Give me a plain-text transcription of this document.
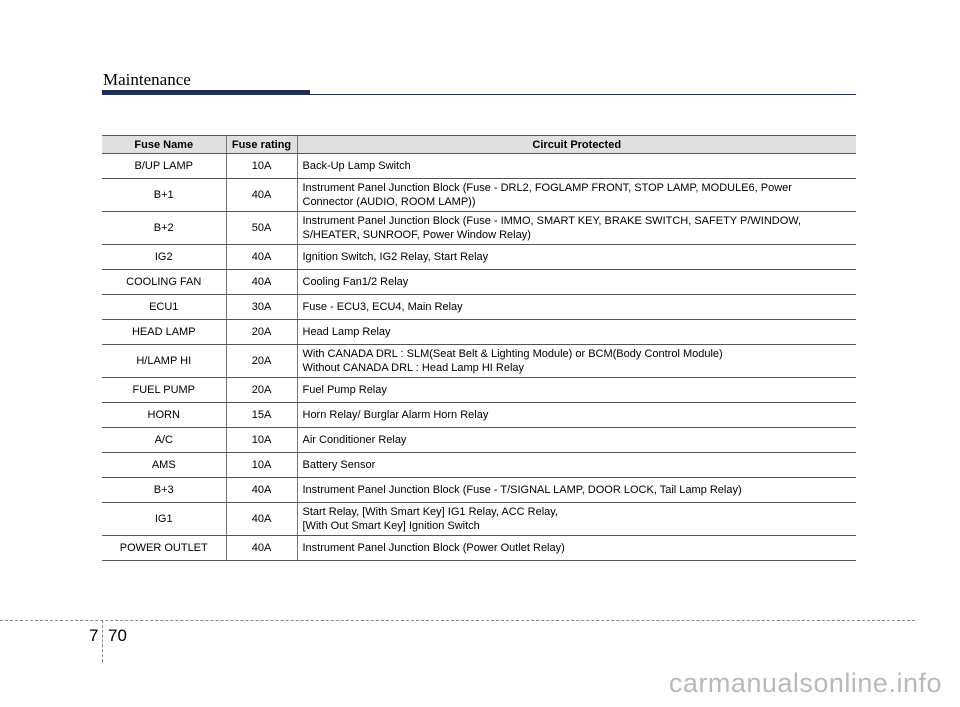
Maintenance
Fuse Name	Fuse rating	Circuit Protected
B/UP LAMP	10A	Back-Up Lamp Switch
B+1	40A	Instrument Panel Junction Block (Fuse - DRL2, FOGLAMP FRONT, STOP LAMP, MODULE6, Power
Connector (AUDIO, ROOM LAMP))
B+2	50A	Instrument Panel Junction Block (Fuse - IMMO, SMART KEY, BRAKE SWITCH, SAFETY P/WINDOW,
S/HEATER, SUNROOF, Power Window Relay)
IG2	40A	Ignition Switch, IG2 Relay, Start Relay
COOLING FAN	40A	Cooling Fan1/2 Relay
ECU1	30A	Fuse - ECU3, ECU4, Main Relay
HEAD LAMP	20A	Head Lamp Relay
H/LAMP HI	20A	With CANADA DRL : SLM(Seat Belt & Lighting Module) or BCM(Body Control Module)
Without CANADA DRL : Head Lamp HI Relay
FUEL PUMP	20A	Fuel Pump Relay
HORN	15A	Horn Relay/ Burglar Alarm Horn Relay
A/C	10A	Air Conditioner Relay
AMS	10A	Battery Sensor
B+3	40A	Instrument Panel Junction Block (Fuse - T/SIGNAL LAMP, DOOR LOCK, Tail Lamp Relay)
IG1	40A	Start Relay, [With Smart Key] IG1 Relay, ACC Relay,
[With Out Smart Key] Ignition Switch
POWER OUTLET	40A	Instrument Panel Junction Block (Power Outlet Relay)
7 70
carmanualsonline.info
